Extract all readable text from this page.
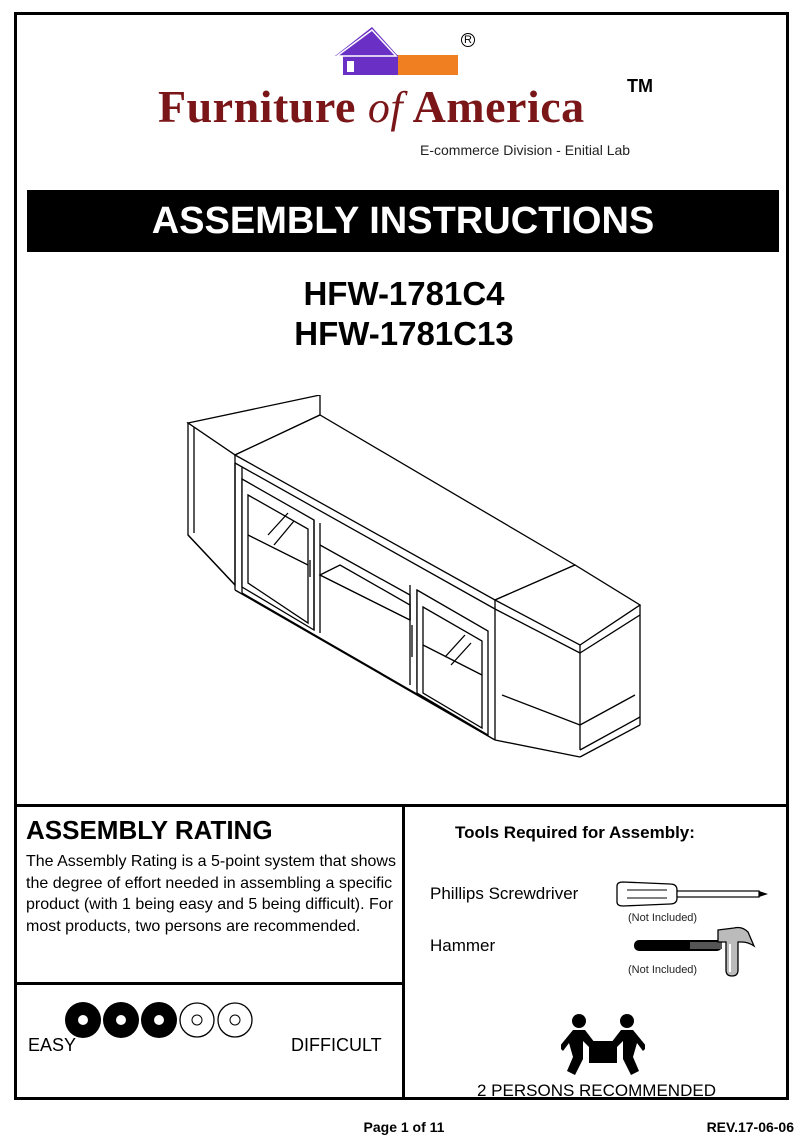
R
Furniture of America	TM
E-commerce Division - Enitial Lab
ASSEMBLY INSTRUCTIONS
HFW-1781C4
HFW-1781C13
ASSEMBLY RATING
The Assembly Rating is a 5-point system that shows the degree of effort needed in assembling a specific product (with 1 being easy and 5 being difficult). For most products, two persons are recommended.
EASY	DIFFICULT
Tools Required for Assembly:
Phillips Screwdriver
(Not Included)
Hammer
(Not Included)
2 PERSONS RECOMMENDED
Page 1 of 11	REV.17-06-06
